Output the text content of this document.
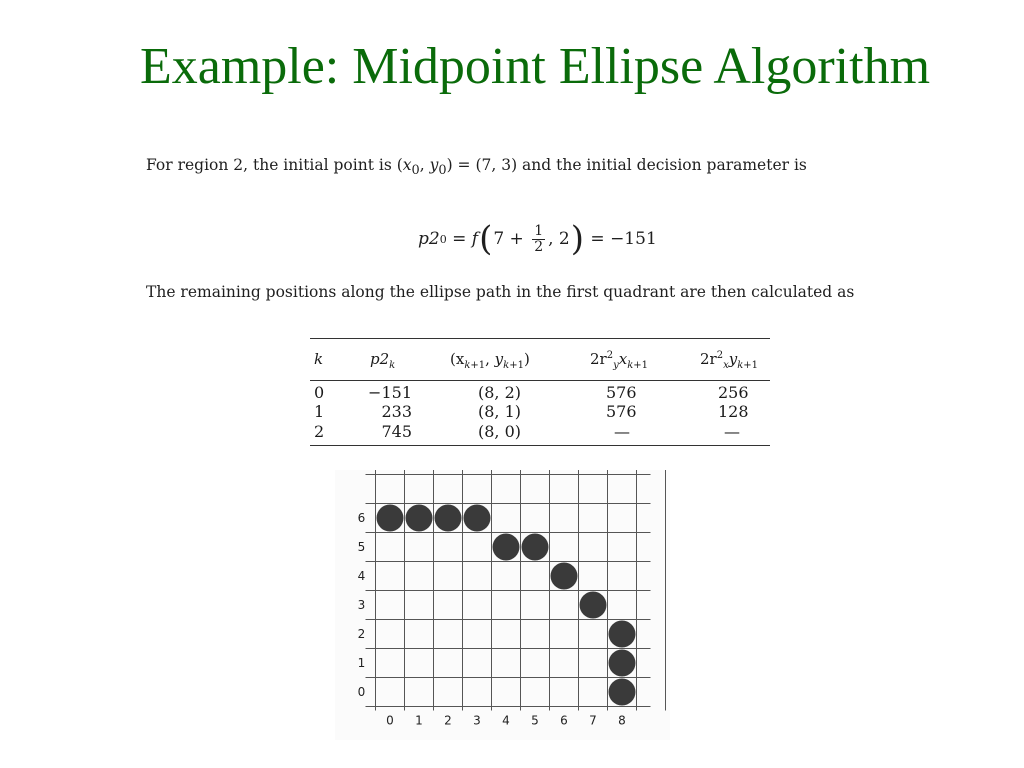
Example: Midpoint Ellipse Algorithm
For region 2, the initial point is ($x_0$, $y_0) = (7$, 3) and the initial decision parameter is
p2 0 = f ( $7 + \frac{1}{2}$ , 2 ) = −151
The remaining positions along the ellipse path in the first quadrant are then calculated as
k	$p2_k$	($x_{k+1}$, $y_{k+1}$)	$2r^2_yx_{k+1}$	$2r^2_xy_{k+1}$
0	−151	(8, 2)	576	256
1	233	(8, 1)	576	128
2	745	(8, 0)	—	—
0 1 2 3 4 5 6 7 8
0
1
2
3
4
5
6
